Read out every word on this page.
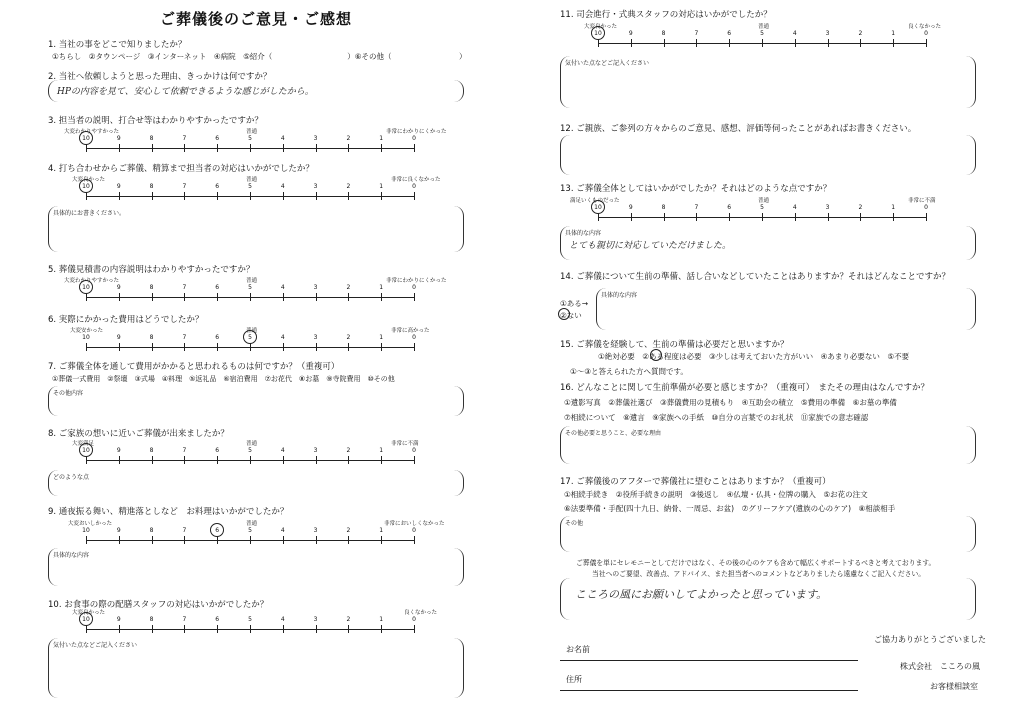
ご葬儀後のご意見・ご感想
1. 当社の事をどこで知りましたか？
①ちらし　②タウンページ　③インターネット　④病院　⑤紹介（　　　　　　　　　　）⑥その他（　　　　　　　　　）
2. 当社へ依頼しようと思った理由、きっかけは何ですか？
HPの内容を見て、安心して依頼できるような感じがしたから。
3. 担当者の説明、打合せ等はわかりやすかったですか？
大変わかりやすかった	普通	非常にわかりにくかった
10	9	8	7	6	5	4	3	2	1	0
4. 打ち合わせからご葬儀、精算まで担当者の対応はいかがでしたか？
大変良かった	普通	非常に良くなかった
10	9	8	7	6	5	4	3	2	1	0
具体的にお書きください。
5. 葬儀見積書の内容説明はわかりやすかったですか？
大変わかりやすかった	普通	非常にわかりにくかった
10	9	8	7	6	5	4	3	2	1	0
6. 実際にかかった費用はどうでしたか？
大変安かった	普通	非常に高かった
10	9	8	7	6	5	4	3	2	1	0
7. ご葬儀全体を通して費用がかかると思われるものは何ですか？（重複可）
①葬儀一式費用　②祭壇　③式場　④料理　⑤返礼品　⑥宿泊費用　⑦お花代　⑧お墓　⑨寺院費用　⑩その他
その他内容
8. ご家族の想いに近いご葬儀が出来ましたか？
大変満足	普通	非常に不満
10	9	8	7	6	5	4	3	2	1	0
どのような点
9. 通夜振る舞い、精進落としなど　お料理はいかがでしたか？
大変おいしかった	普通	非常においしくなかった
10	9	8	7	6	5	4	3	2	1	0
具体的な内容
10. お食事の際の配膳スタッフの対応はいかがでしたか？
大変良かった	良くなかった
10	9	8	7	6	5	4	3	2	1	0
気付いた点などご記入ください
11. 司会進行・式典スタッフの対応はいかがでしたか？
大変良かった	普通	良くなかった
10	9	8	7	6	5	4	3	2	1	0
気付いた点などご記入ください
12. ご親族、ご参列の方々からのご意見、感想、評価等伺ったことがあればお書きください。
13. ご葬儀全体としてはいかがでしたか？それはどのような点ですか？
満足いくものだった	普通	非常に不満
10	9	8	7	6	5	4	3	2	1	0
具体的な内容
とても親切に対応していただけました。
14. ご葬儀について生前の準備、話し合いなどしていたことはありますか？それはどんなことですか？
①ある→
②ない
具体的な内容
15. ご葬儀を経験して、生前の準備は必要だと思いますか？
①絶対必要　②ある程度は必要　③少しは考えておいた方がいい　④あまり必要ない　⑤不要
①～③と答えられた方へ質問です。
16. どんなことに関して生前準備が必要と感じますか？（重複可）　またその理由はなんですか？
①遺影写真　②葬儀社選び　③葬儀費用の見積もり　④互助会の積立　⑤費用の準備　⑥お墓の準備
⑦相続について　⑧遺言　⑨家族への手紙　⑩自分の言葉でのお礼状　⑪家族での意志確認
その他必要と思うこと、必要な理由
17. ご葬儀後のアフターで葬儀社に望むことはありますか？（重複可）
①相続手続き　②役所手続きの説明　③後返し　④仏壇・仏具・位牌の購入　⑤お花の注文
⑥法要準備・手配(四十九日、納骨、一周忌、お盆)　⑦グリーフケア(遺族の心のケア)　⑧相談相手
その他
ご葬儀を単にセレモニーとしてだけではなく、その後の心のケアも含めて幅広くサポートするべきと考えております。
当社へのご要望、改善点、アドバイス、また担当者へのコメントなどありましたら遠慮なくご記入ください。
こころの風にお願いしてよかったと思っています。
ご協力ありがとうございました
お名前
住所
株式会社　こころの風
お客様相談室
